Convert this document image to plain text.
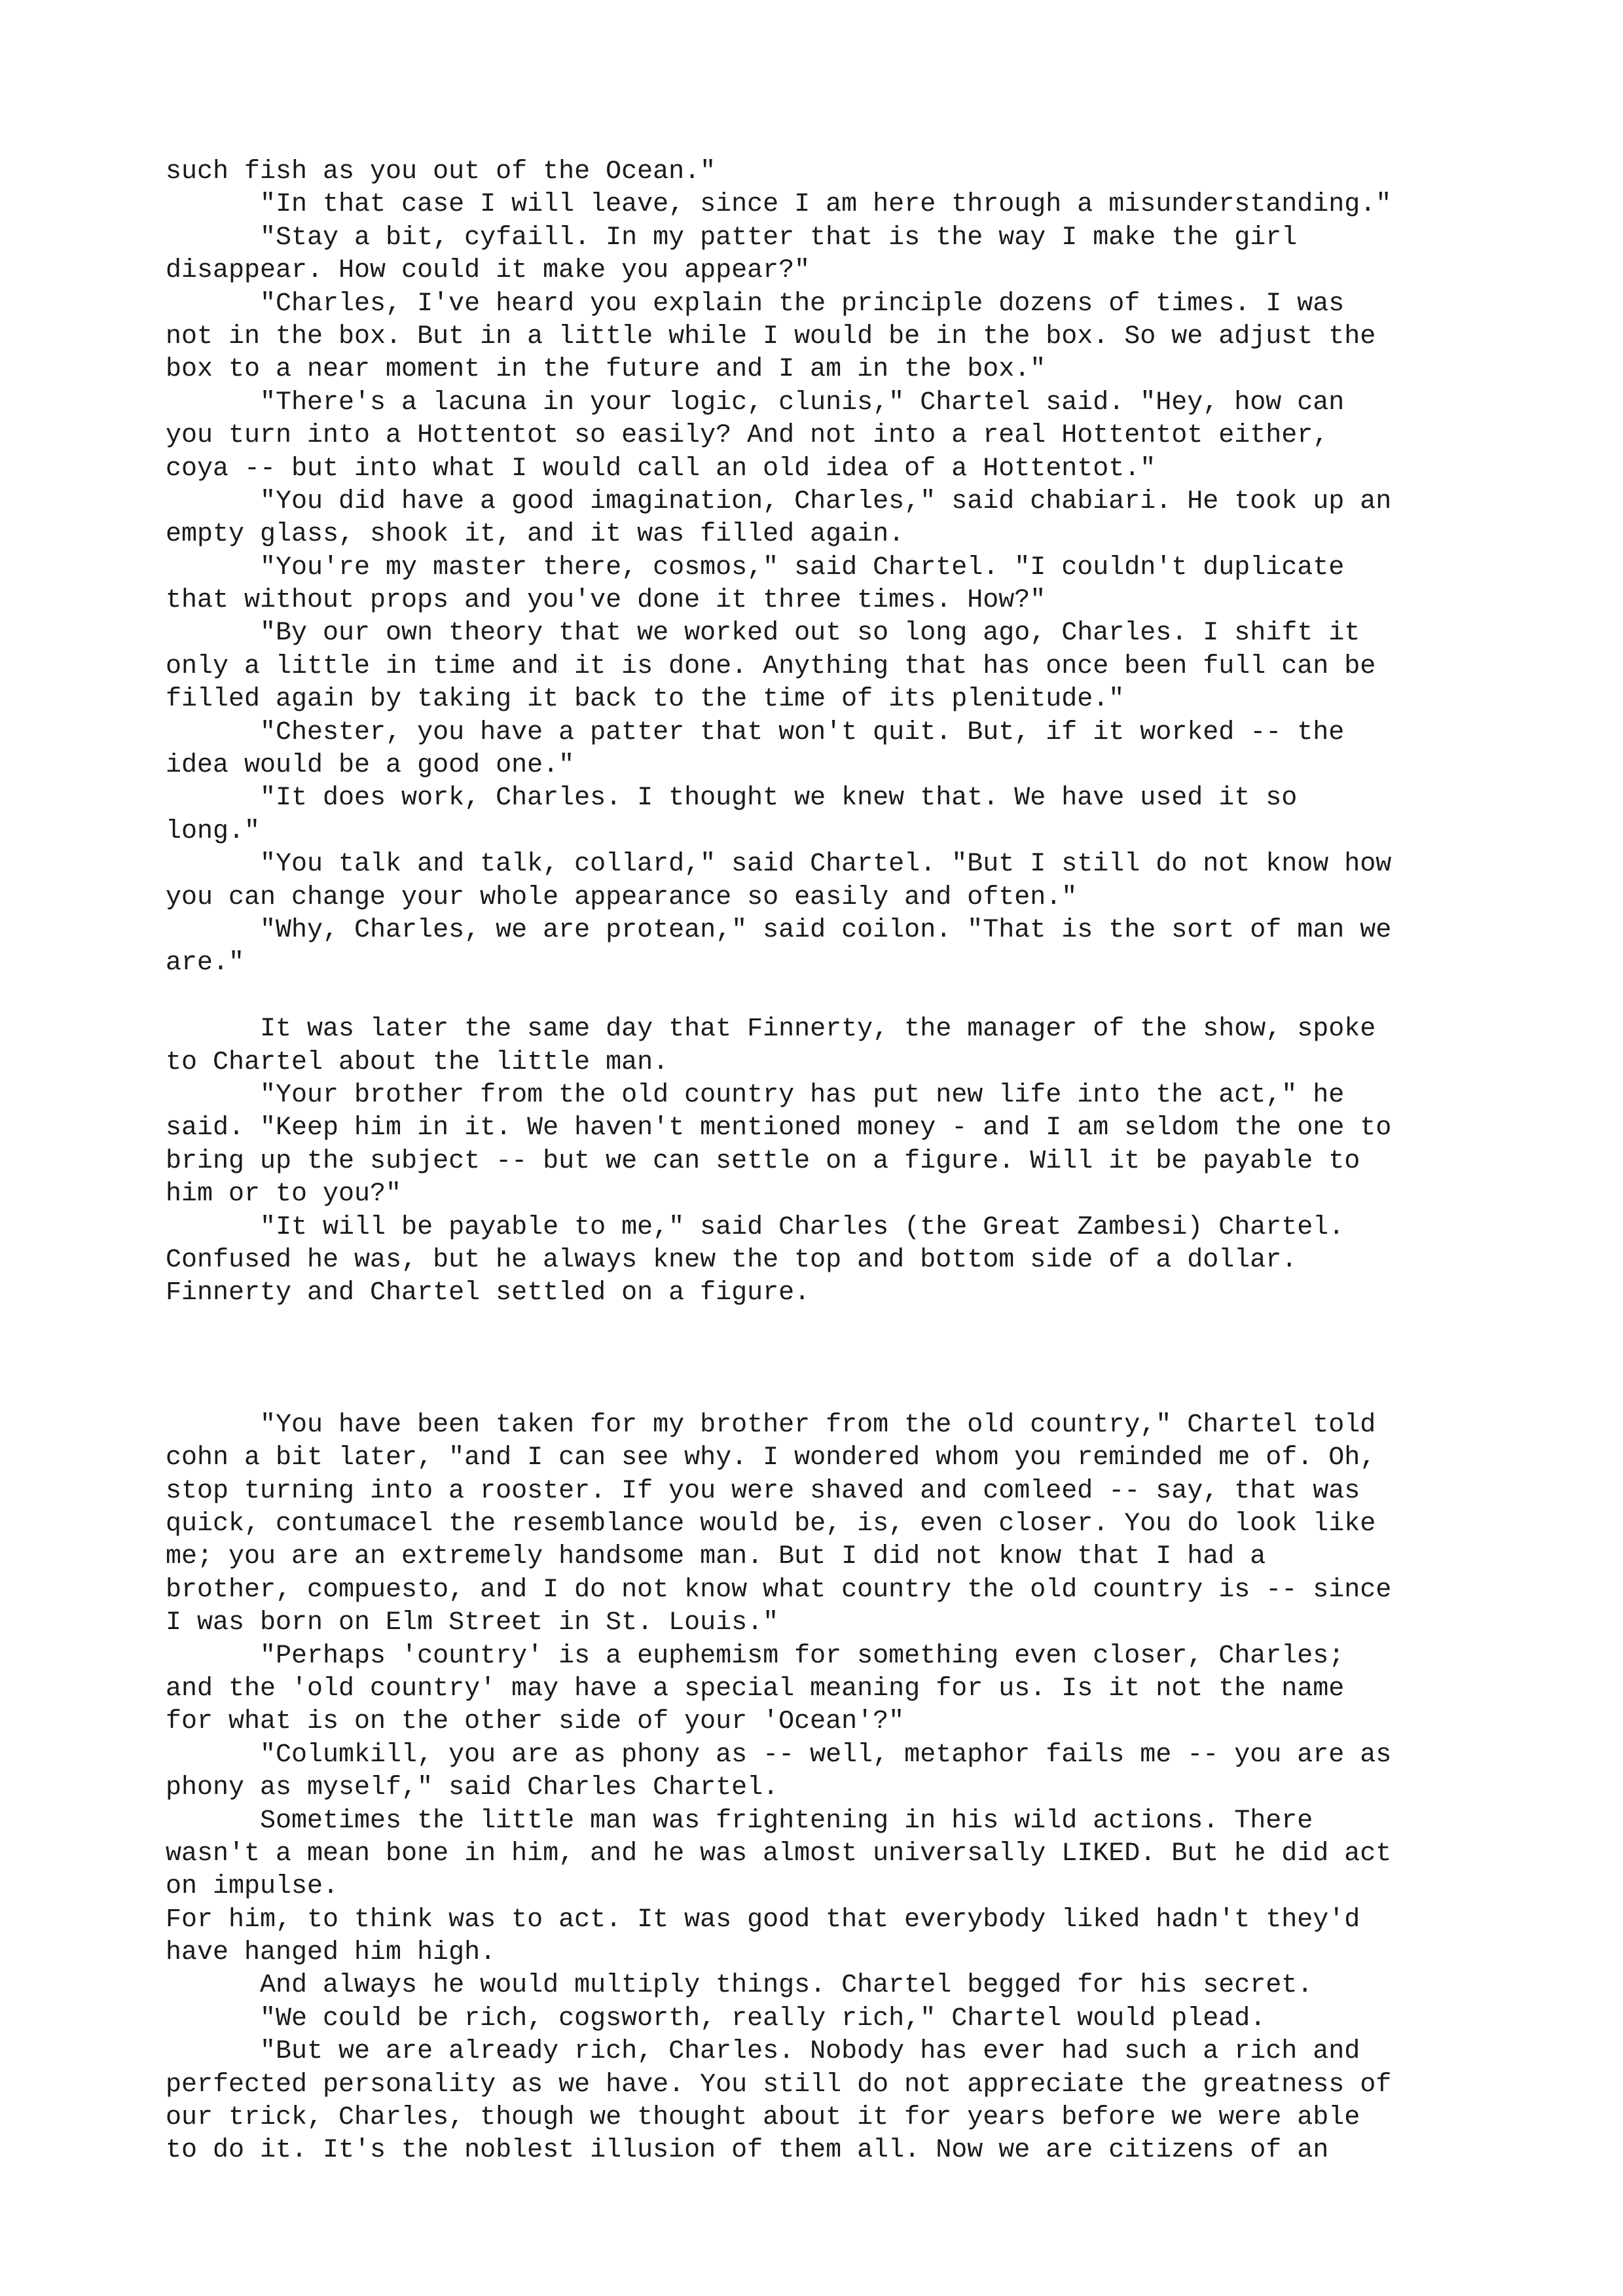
such fish as you out of the Ocean."
"In that case I will leave, since I am here through a misunderstanding."
"Stay a bit, cyfaill. In my patter that is the way I make the girl
disappear. How could it make you appear?"
"Charles, I've heard you explain the principle dozens of times. I was
not in the box. But in a little while I would be in the box. So we adjust the
box to a near moment in the future and I am in the box."
"There's a lacuna in your logic, clunis," Chartel said. "Hey, how can
you turn into a Hottentot so easily? And not into a real Hottentot either,
coya -- but into what I would call an old idea of a Hottentot."
"You did have a good imagination, Charles," said chabiari. He took up an
empty glass, shook it, and it was filled again.
"You're my master there, cosmos," said Chartel. "I couldn't duplicate
that without props and you've done it three times. How?"
"By our own theory that we worked out so long ago, Charles. I shift it
only a little in time and it is done. Anything that has once been full can be
filled again by taking it back to the time of its plenitude."
"Chester, you have a patter that won't quit. But, if it worked -- the
idea would be a good one."
"It does work, Charles. I thought we knew that. We have used it so
long."
"You talk and talk, collard," said Chartel. "But I still do not know how
you can change your whole appearance so easily and often."
"Why, Charles, we are protean," said coilon. "That is the sort of man we
are."
It was later the same day that Finnerty, the manager of the show, spoke
to Chartel about the little man.
"Your brother from the old country has put new life into the act," he
said. "Keep him in it. We haven't mentioned money - and I am seldom the one to
bring up the subject -- but we can settle on a figure. Will it be payable to
him or to you?"
"It will be payable to me," said Charles (the Great Zambesi) Chartel.
Confused he was, but he always knew the top and bottom side of a dollar.
Finnerty and Chartel settled on a figure.
"You have been taken for my brother from the old country," Chartel told
cohn a bit later, "and I can see why. I wondered whom you reminded me of. Oh,
stop turning into a rooster. If you were shaved and comleed -- say, that was
quick, contumacel the resemblance would be, is, even closer. You do look like
me; you are an extremely handsome man. But I did not know that I had a
brother, compuesto, and I do not know what country the old country is -- since
I was born on Elm Street in St. Louis."
"Perhaps 'country' is a euphemism for something even closer, Charles;
and the 'old country' may have a special meaning for us. Is it not the name
for what is on the other side of your 'Ocean'?"
"Columkill, you are as phony as -- well, metaphor fails me -- you are as
phony as myself," said Charles Chartel.
Sometimes the little man was frightening in his wild actions. There
wasn't a mean bone in him, and he was almost universally LIKED. But he did act
on impulse.
For him, to think was to act. It was good that everybody liked hadn't they'd
have hanged him high.
And always he would multiply things. Chartel begged for his secret.
"We could be rich, cogsworth, really rich," Chartel would plead.
"But we are already rich, Charles. Nobody has ever had such a rich and
perfected personality as we have. You still do not appreciate the greatness of
our trick, Charles, though we thought about it for years before we were able
to do it. It's the noblest illusion of them all. Now we are citizens of an
